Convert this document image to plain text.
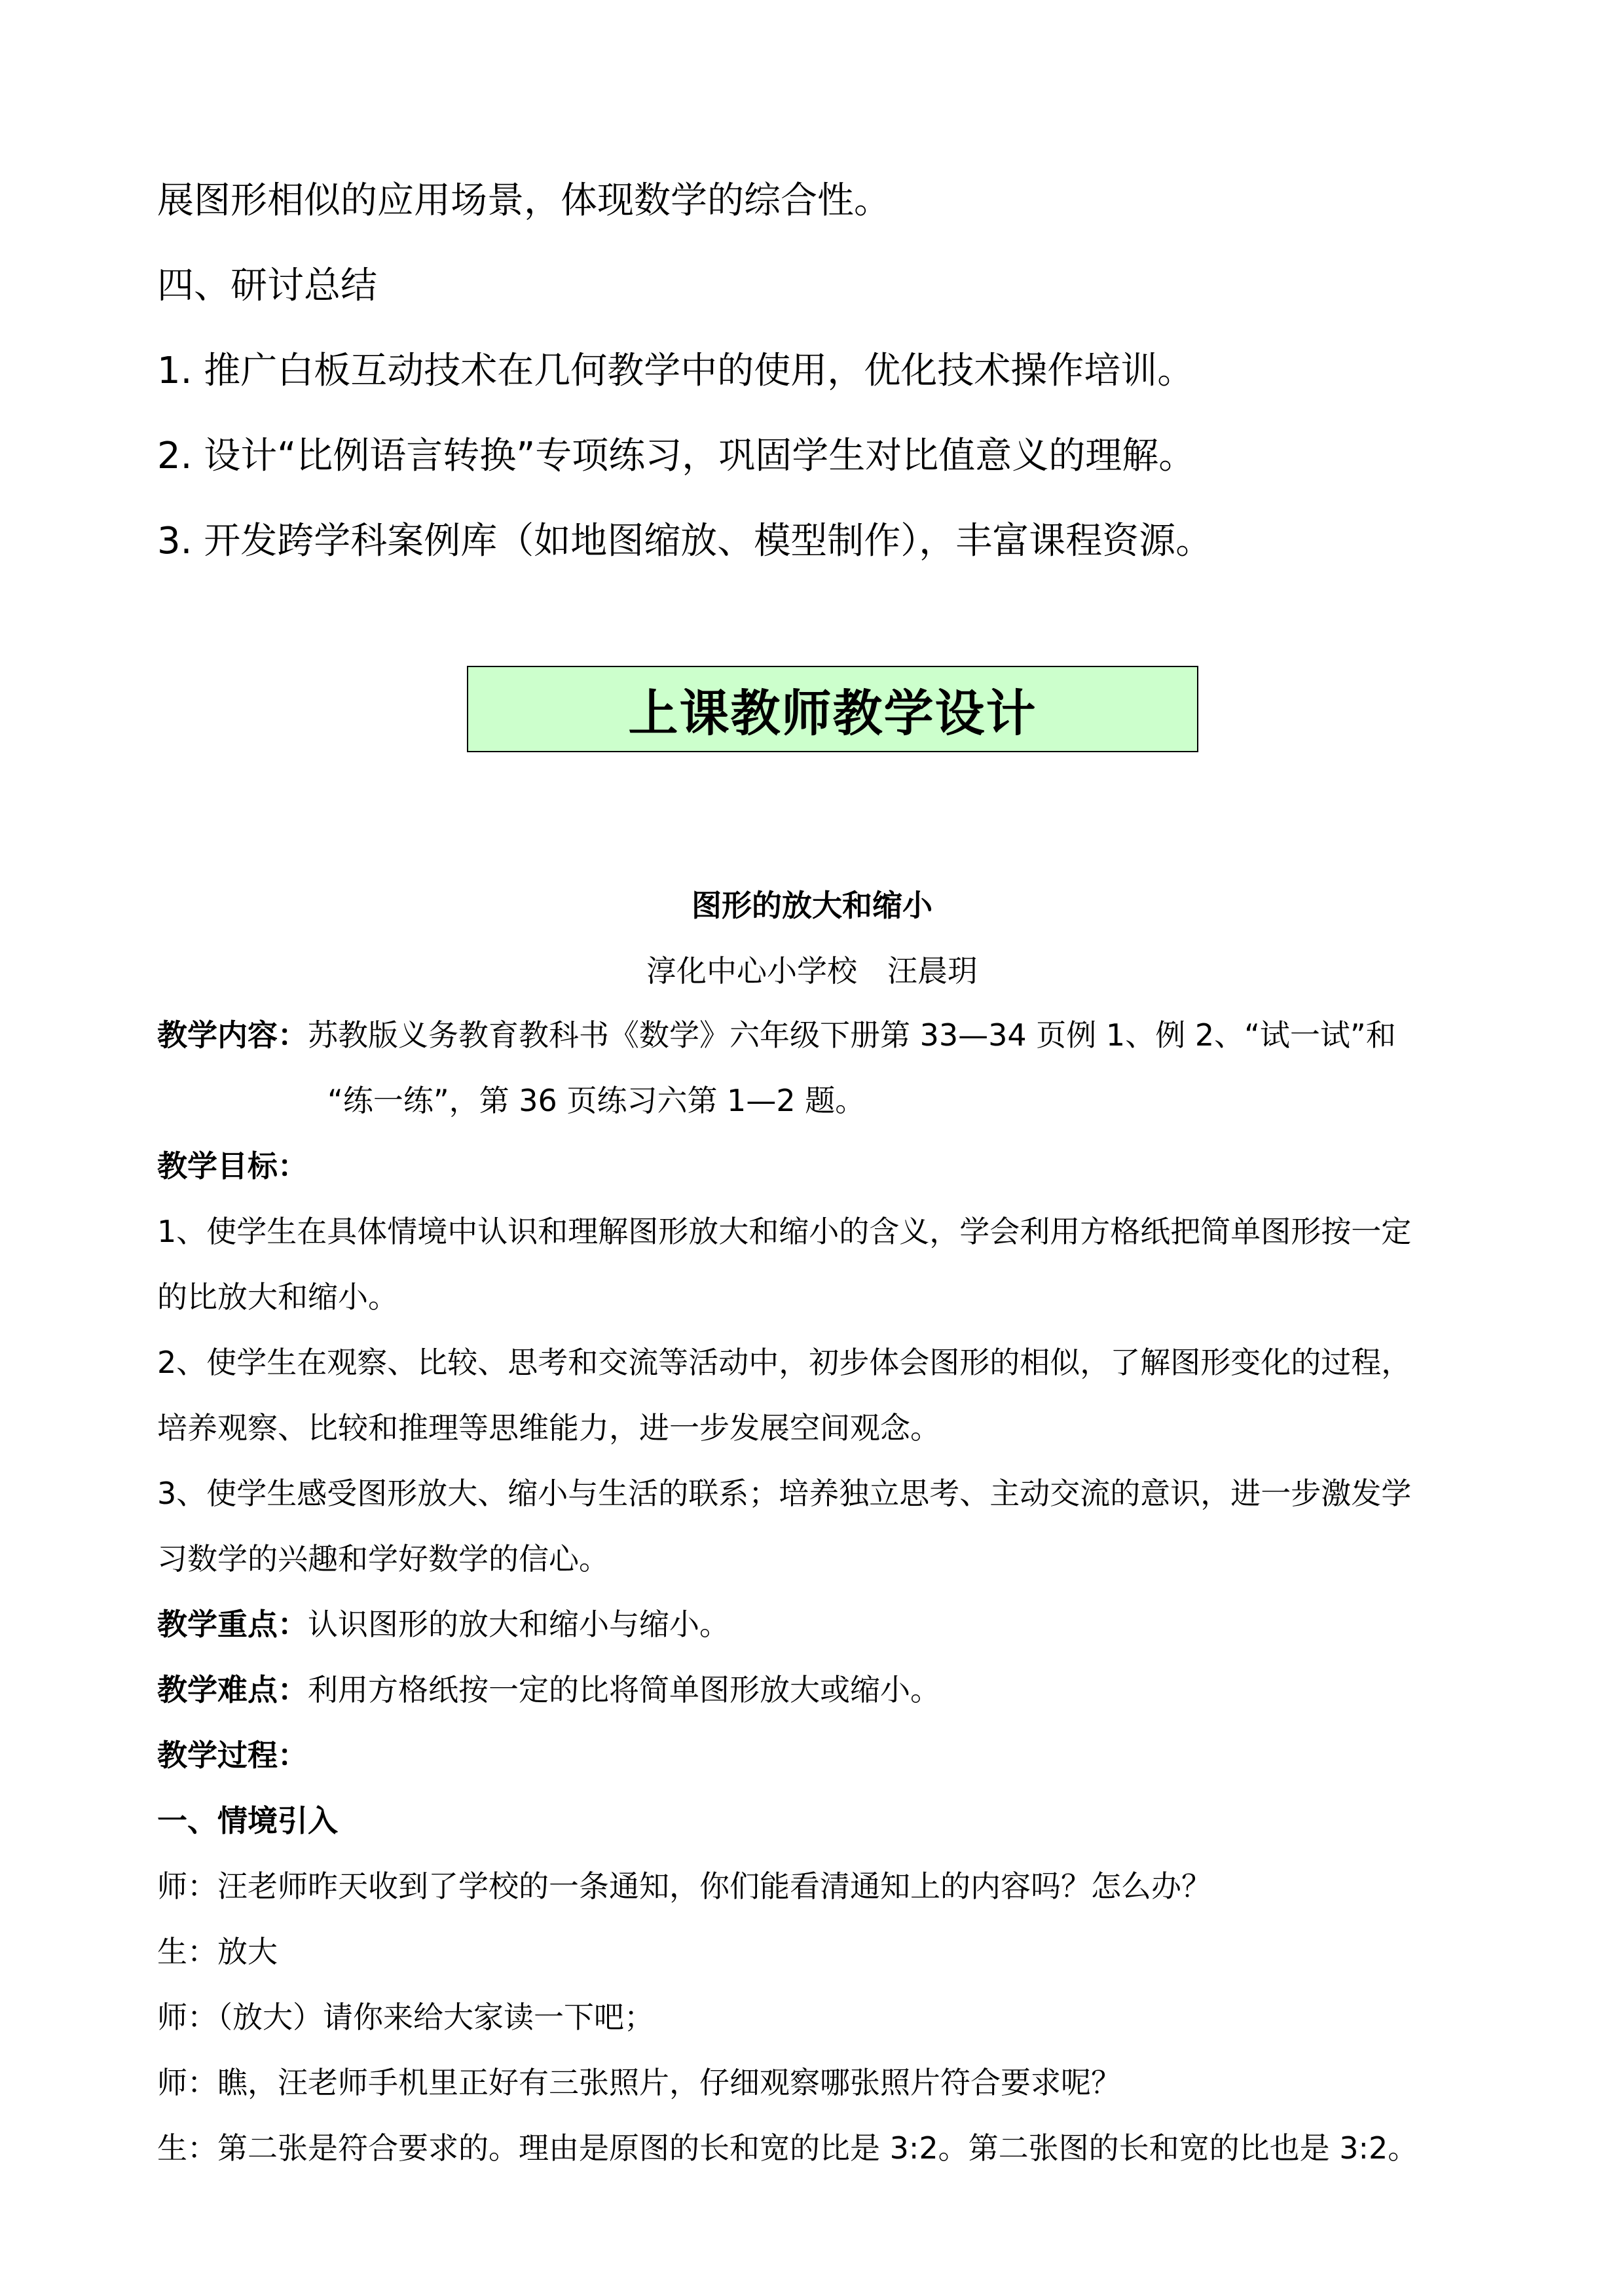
展图形相似的应用场景，体现数学的综合性。
四、研讨总结
1. 推广白板互动技术在几何教学中的使用，优化技术操作培训。
2. 设计“比例语言转换”专项练习，巩固学生对比值意义的理解。
3. 开发跨学科案例库（如地图缩放、模型制作），丰富课程资源。
上课教师教学设计
图形的放大和缩小
淳化中心小学校　汪晨玥
教学内容：苏教版义务教育教科书《数学》六年级下册第 33—34 页例 1、例 2、“试一试”和
“练一练”，第 36 页练习六第 1—2 题。
教学目标：
1、使学生在具体情境中认识和理解图形放大和缩小的含义，学会利用方格纸把简单图形按一定
的比放大和缩小。
2、使学生在观察、比较、思考和交流等活动中，初步体会图形的相似，了解图形变化的过程，
培养观察、比较和推理等思维能力，进一步发展空间观念。
3、使学生感受图形放大、缩小与生活的联系；培养独立思考、主动交流的意识，进一步激发学
习数学的兴趣和学好数学的信心。
教学重点：认识图形的放大和缩小与缩小。
教学难点：利用方格纸按一定的比将简单图形放大或缩小。
教学过程：
一、情境引入
师：汪老师昨天收到了学校的一条通知，你们能看清通知上的内容吗？怎么办？
生：放大
师：（放大）请你来给大家读一下吧；
师：瞧，汪老师手机里正好有三张照片，仔细观察哪张照片符合要求呢？
生：第二张是符合要求的。理由是原图的长和宽的比是 3:2。第二张图的长和宽的比也是 3:2。
